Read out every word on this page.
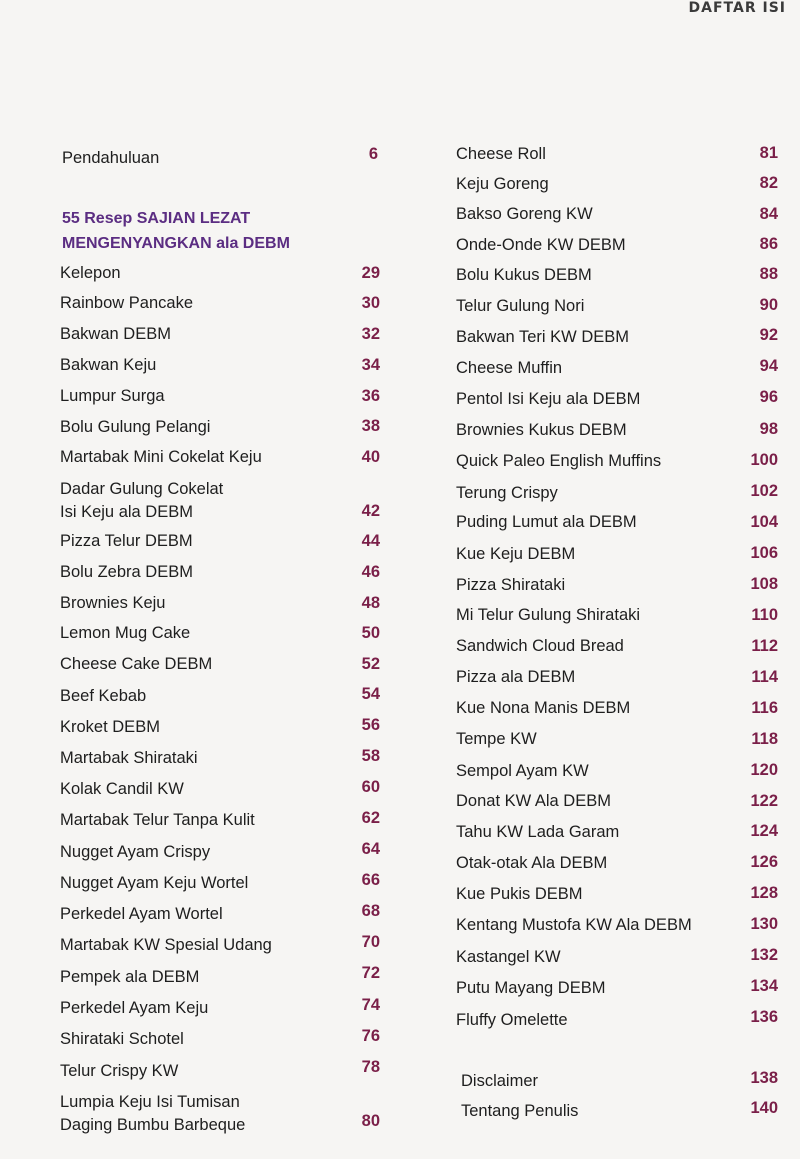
DAFTAR ISI
Pendahuluan	6
55 Resep SAJIAN LEZAT
MENGENYANGKAN ala DEBM
Kelepon	29
Rainbow Pancake	30
Bakwan DEBM	32
Bakwan Keju	34
Lumpur Surga	36
Bolu Gulung Pelangi	38
Martabak Mini Cokelat Keju	40
Dadar Gulung Cokelat
Isi Keju ala DEBM	42
Pizza Telur DEBM	44
Bolu Zebra DEBM	46
Brownies Keju	48
Lemon Mug Cake	50
Cheese Cake DEBM	52
Beef Kebab	54
Kroket DEBM	56
Martabak Shirataki	58
Kolak Candil KW	60
Martabak Telur Tanpa Kulit	62
Nugget Ayam Crispy	64
Nugget Ayam Keju Wortel	66
Perkedel Ayam Wortel	68
Martabak KW Spesial Udang	70
Pempek ala DEBM	72
Perkedel Ayam Keju	74
Shirataki Schotel	76
Telur Crispy KW	78
Lumpia Keju Isi Tumisan
Daging Bumbu Barbeque	80
Cheese Roll	81
Keju Goreng	82
Bakso Goreng KW	84
Onde-Onde KW DEBM	86
Bolu Kukus DEBM	88
Telur Gulung Nori	90
Bakwan Teri KW DEBM	92
Cheese Muffin	94
Pentol Isi Keju ala DEBM	96
Brownies Kukus DEBM	98
Quick Paleo English Muffins	100
Terung Crispy	102
Puding Lumut ala DEBM	104
Kue Keju DEBM	106
Pizza Shirataki	108
Mi Telur Gulung Shirataki	110
Sandwich Cloud Bread	112
Pizza ala DEBM	114
Kue Nona Manis DEBM	116
Tempe KW	118
Sempol Ayam KW	120
Donat KW Ala DEBM	122
Tahu KW Lada Garam	124
Otak-otak Ala DEBM	126
Kue Pukis DEBM	128
Kentang Mustofa KW Ala DEBM	130
Kastangel KW	132
Putu Mayang DEBM	134
Fluffy Omelette	136
Disclaimer	138
Tentang Penulis	140
